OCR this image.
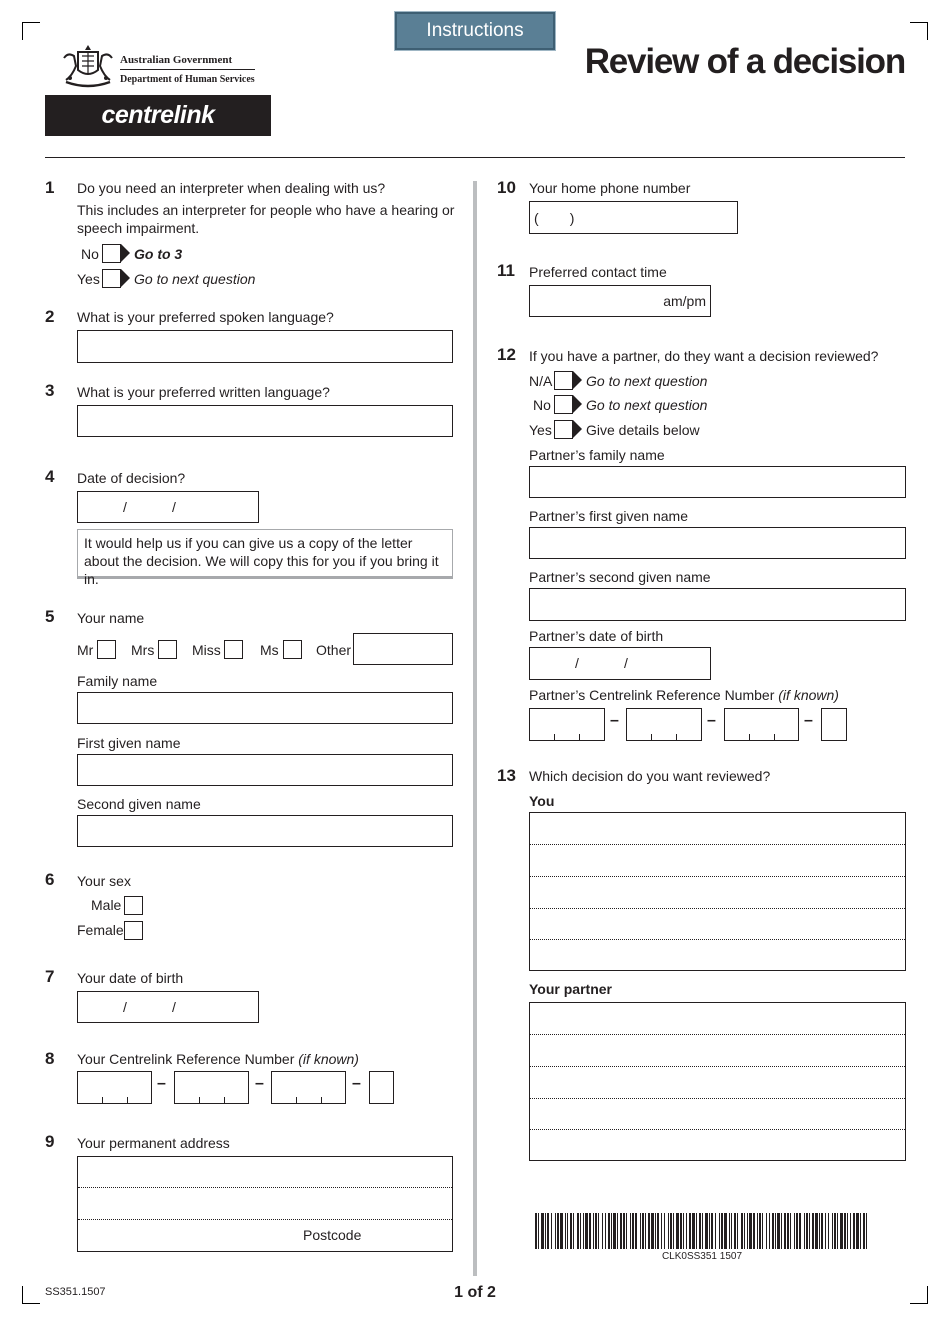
Instructions
Australian Government
Department of Human Services
centrelink
Review of a decision
1 Do you need an interpreter when dealing with us?
This includes an interpreter for people who have a hearing or speech impairment.
No	Go to 3
Yes Go to next question
2 What is your preferred spoken language?
3 What is your preferred written language?
4 Date of decision?
/	/
It would help us if you can give us a copy of the letter about the decision. We will copy this for you if you bring it in.
5 Your name
Mr	Mrs	Miss	Ms	Other
Family name
First given name
Second given name
6 Your sex
Male
Female
7 Your date of birth
/	/
8 Your Centrelink Reference Number (if known)
–	–	–
9 Your permanent address
Postcode
10 Your home phone number
(        )
11 Preferred contact time
am/pm
12 If you have a partner, do they want a decision reviewed?
N/A Go to next question
No	Go to next question
Yes Give details below
Partner’s family name
Partner’s first given name
Partner’s second given name
Partner’s date of birth
/	/
Partner’s Centrelink Reference Number (if known)
–	–	–
13 Which decision do you want reviewed?
You
Your partner
CLK0SS351 1507
SS351.1507	1 of 2
